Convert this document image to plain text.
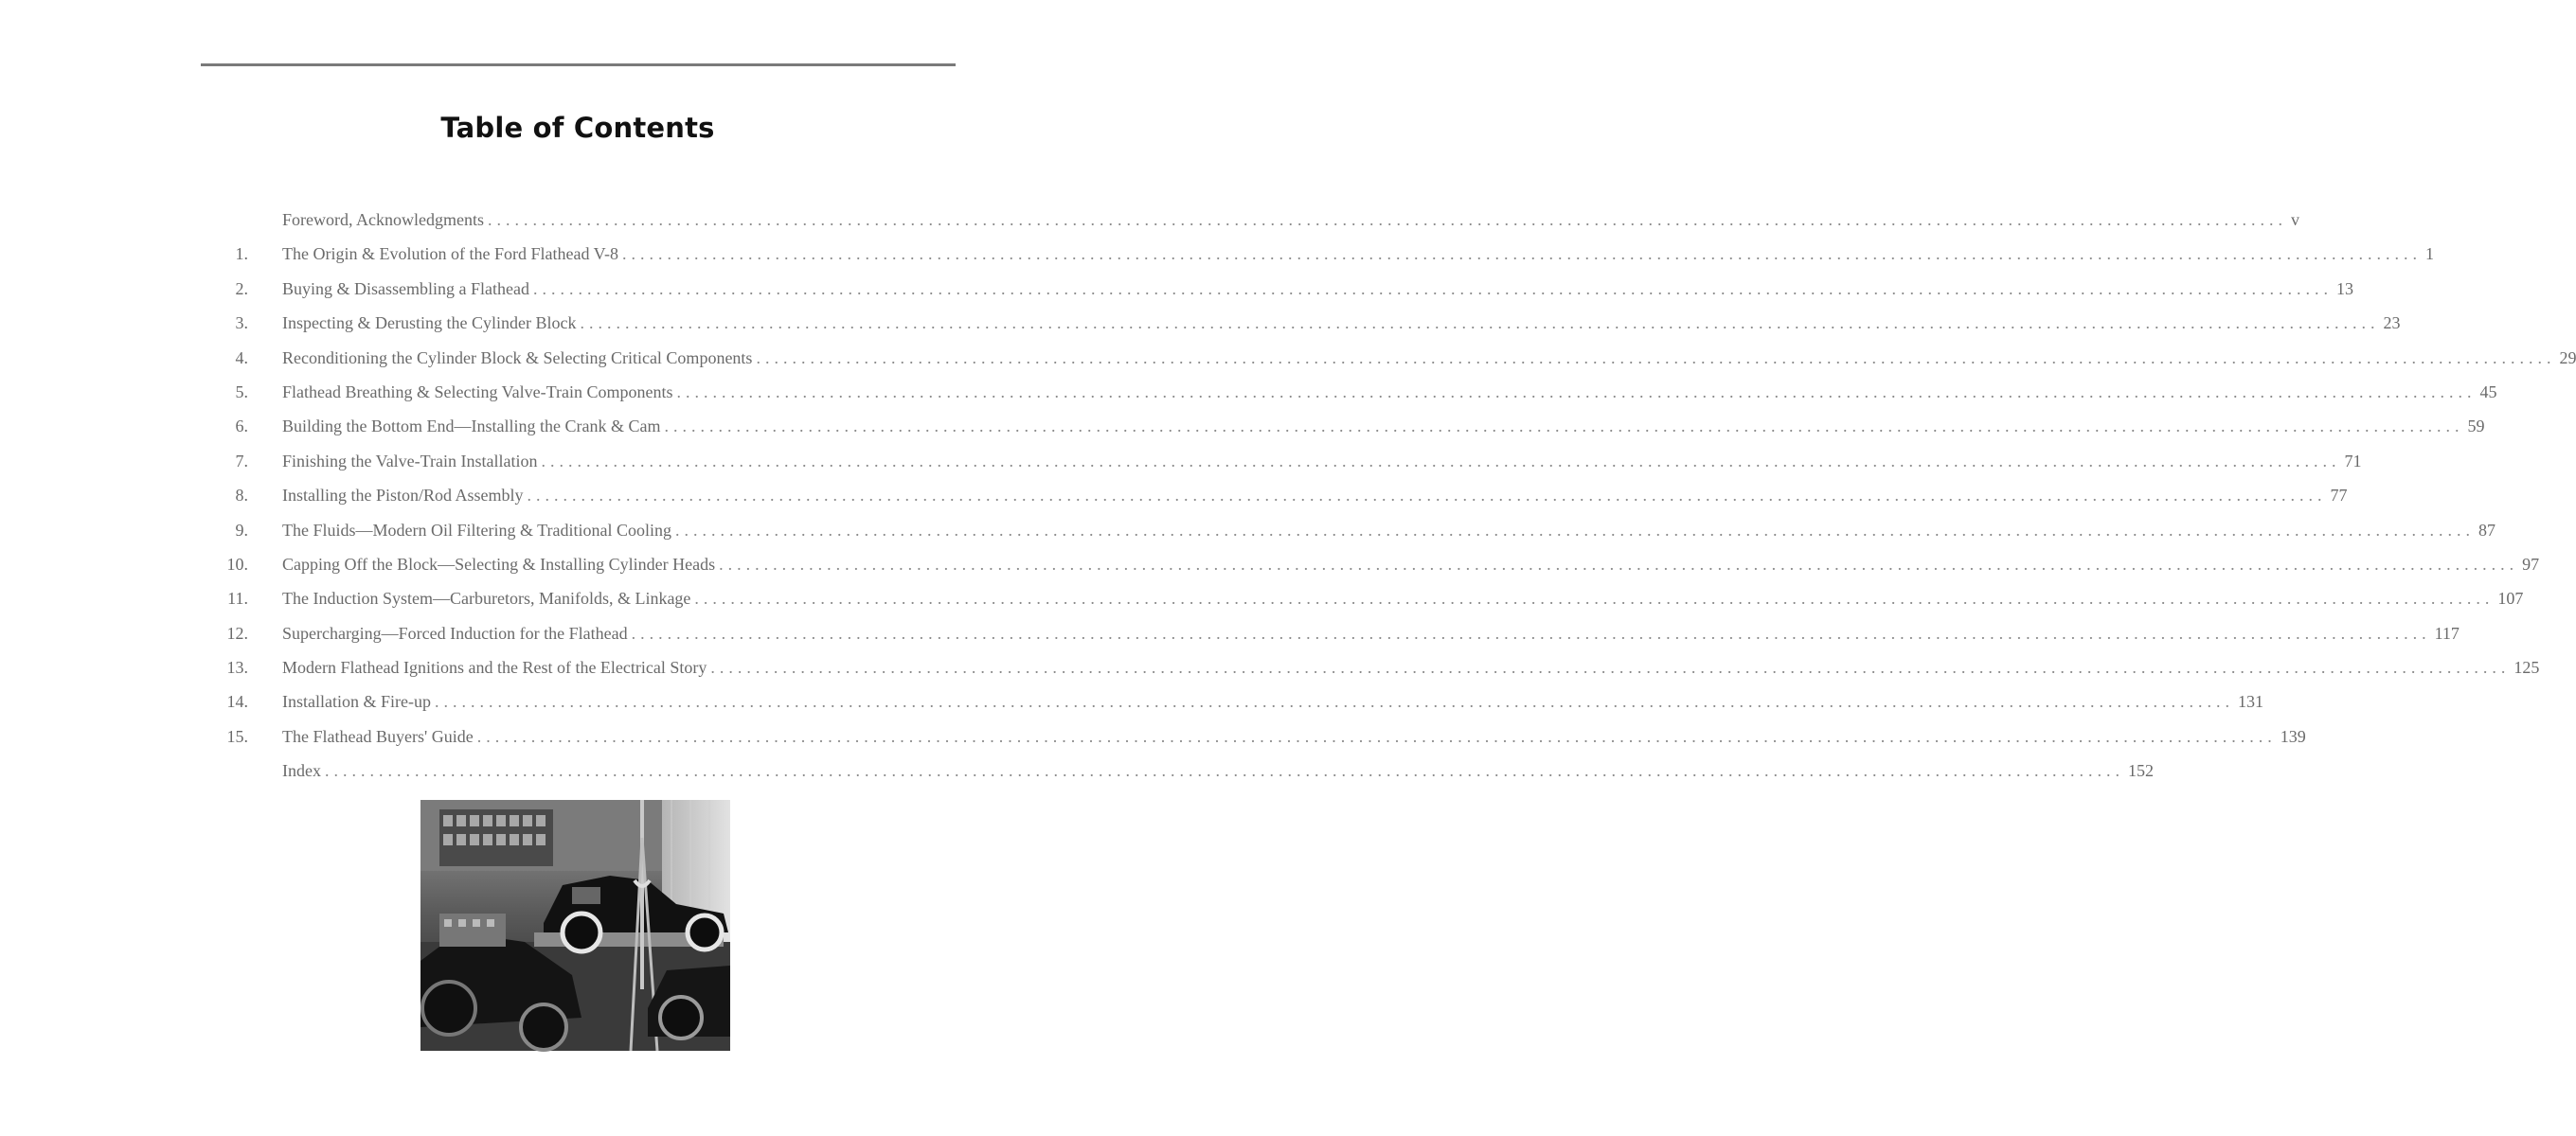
Table of Contents
Foreword, Acknowledgments ........................................................................................................................................................................................................ v
1. The Origin & Evolution of the Ford Flathead V-8 ........................................................................................................................................................................................................ 1
2. Buying & Disassembling a Flathead ........................................................................................................................................................................................................ 13
3. Inspecting & Derusting the Cylinder Block ........................................................................................................................................................................................................ 23
4. Reconditioning the Cylinder Block & Selecting Critical Components ........................................................................................................................................................................................................ 29
5. Flathead Breathing & Selecting Valve-Train Components ........................................................................................................................................................................................................ 45
6. Building the Bottom End—Installing the Crank & Cam ........................................................................................................................................................................................................ 59
7. Finishing the Valve-Train Installation ........................................................................................................................................................................................................ 71
8. Installing the Piston/Rod Assembly ........................................................................................................................................................................................................ 77
9. The Fluids—Modern Oil Filtering & Traditional Cooling ........................................................................................................................................................................................................ 87
10. Capping Off the Block—Selecting & Installing Cylinder Heads ........................................................................................................................................................................................................ 97
11. The Induction System—Carburetors, Manifolds, & Linkage ........................................................................................................................................................................................................ 107
12. Supercharging—Forced Induction for the Flathead ........................................................................................................................................................................................................ 117
13. Modern Flathead Ignitions and the Rest of the Electrical Story ........................................................................................................................................................................................................ 125
14. Installation & Fire-up ........................................................................................................................................................................................................ 131
15. The Flathead Buyers' Guide ........................................................................................................................................................................................................ 139
Index ........................................................................................................................................................................................................ 152
